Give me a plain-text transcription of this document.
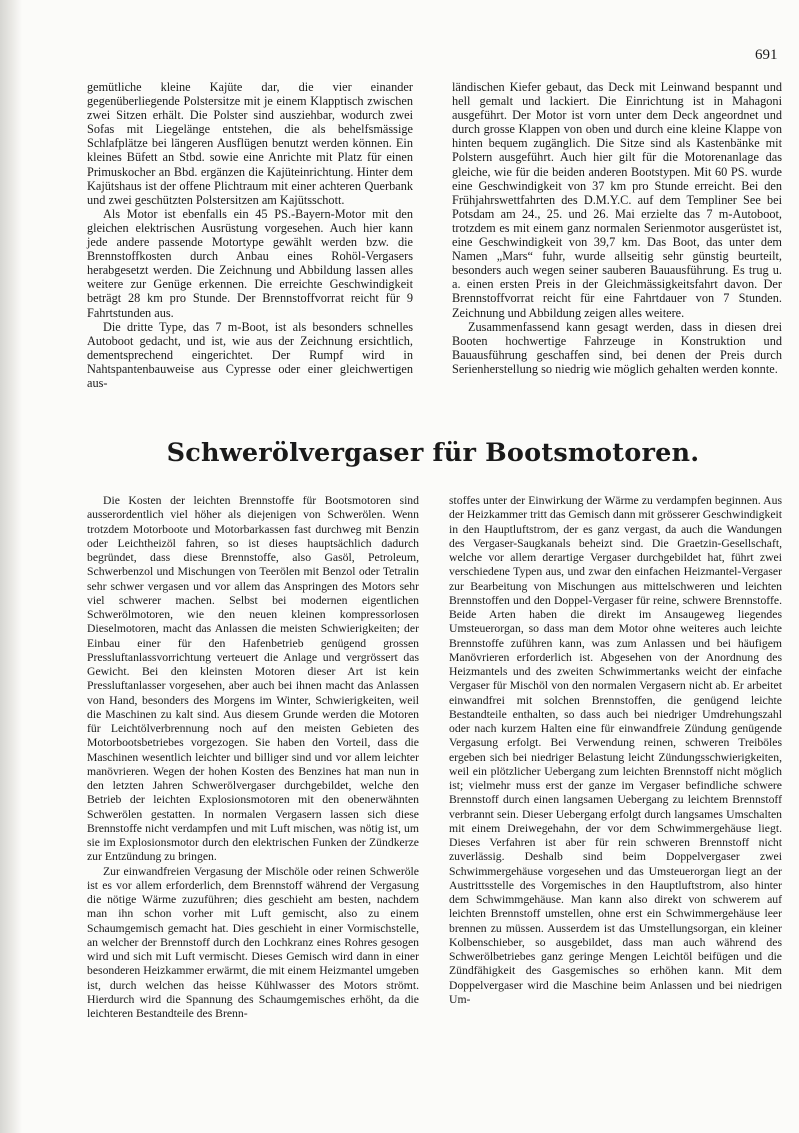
691

gemütliche kleine Kajüte dar, die vier einander gegenüberliegende Polstersitze mit je einem Klapptisch zwischen zwei Sitzen erhält. Die Polster sind ausziehbar, wodurch zwei Sofas mit Liegelänge entstehen, die als behelfsmässige Schlafplätze bei längeren Ausflügen benutzt werden können. Ein kleines Büfett an Stbd. sowie eine Anrichte mit Platz für einen Primuskocher an Bbd. ergänzen die Kajüteinrichtung. Hinter dem Kajütshaus ist der offene Plichtraum mit einer achteren Querbank und zwei geschützten Polstersitzen am Kajütsschott.

Als Motor ist ebenfalls ein 45 PS.-Bayern-Motor mit den gleichen elektrischen Ausrüstung vorgesehen. Auch hier kann jede andere passende Motortype gewählt werden bzw. die Brennstoffkosten durch Anbau eines Rohöl-Vergasers herabgesetzt werden. Die Zeichnung und Abbildung lassen alles weitere zur Genüge erkennen. Die erreichte Geschwindigkeit beträgt 28 km pro Stunde. Der Brennstoffvorrat reicht für 9 Fahrtstunden aus.

Die dritte Type, das 7 m-Boot, ist als besonders schnelles Autoboot gedacht, und ist, wie aus der Zeichnung ersichtlich, dementsprechend eingerichtet. Der Rumpf wird in Nahtspantenbauweise aus Cypresse oder einer gleichwertigen aus-

ländischen Kiefer gebaut, das Deck mit Leinwand bespannt und hell gemalt und lackiert. Die Einrichtung ist in Mahagoni ausgeführt. Der Motor ist vorn unter dem Deck angeordnet und durch grosse Klappen von oben und durch eine kleine Klappe von hinten bequem zugänglich. Die Sitze sind als Kastenbänke mit Polstern ausgeführt. Auch hier gilt für die Motorenanlage das gleiche, wie für die beiden anderen Bootstypen. Mit 60 PS. wurde eine Geschwindigkeit von 37 km pro Stunde erreicht. Bei den Frühjahrswettfahrten des D.M.Y.C. auf dem Templiner See bei Potsdam am 24., 25. und 26. Mai erzielte das 7 m-Autoboot, trotzdem es mit einem ganz normalen Serienmotor ausgerüstet ist, eine Geschwindigkeit von 39,7 km. Das Boot, das unter dem Namen „Mars“ fuhr, wurde allseitig sehr günstig beurteilt, besonders auch wegen seiner sauberen Bauausführung. Es trug u. a. einen ersten Preis in der Gleichmässigkeitsfahrt davon. Der Brennstoffvorrat reicht für eine Fahrtdauer von 7 Stunden. Zeichnung und Abbildung zeigen alles weitere.

Zusammenfassend kann gesagt werden, dass in diesen drei Booten hochwertige Fahrzeuge in Konstruktion und Bauausführung geschaffen sind, bei denen der Preis durch Serienherstellung so niedrig wie möglich gehalten werden konnte.

Schwerölvergaser für Bootsmotoren.

Die Kosten der leichten Brennstoffe für Bootsmotoren sind ausserordentlich viel höher als diejenigen von Schwerölen. Wenn trotzdem Motorboote und Motorbarkassen fast durchweg mit Benzin oder Leichtheizöl fahren, so ist dieses hauptsächlich dadurch begründet, dass diese Brennstoffe, also Gasöl, Petroleum, Schwerbenzol und Mischungen von Teerölen mit Benzol oder Tetralin sehr schwer vergasen und vor allem das Anspringen des Motors sehr viel schwerer machen. Selbst bei modernen eigentlichen Schwerölmotoren, wie den neuen kleinen kompressorlosen Dieselmotoren, macht das Anlassen die meisten Schwierigkeiten; der Einbau einer für den Hafenbetrieb genügend grossen Pressluftanlassvorrichtung verteuert die Anlage und vergrössert das Gewicht. Bei den kleinsten Motoren dieser Art ist kein Pressluftanlasser vorgesehen, aber auch bei ihnen macht das Anlassen von Hand, besonders des Morgens im Winter, Schwierigkeiten, weil die Maschinen zu kalt sind. Aus diesem Grunde werden die Motoren für Leichtölverbrennung noch auf den meisten Gebieten des Motorbootsbetriebes vorgezogen. Sie haben den Vorteil, dass die Maschinen wesentlich leichter und billiger sind und vor allem leichter manövrieren. Wegen der hohen Kosten des Benzines hat man nun in den letzten Jahren Schwerölvergaser durchgebildet, welche den Betrieb der leichten Explosionsmotoren mit den obenerwähnten Schwerölen gestatten. In normalen Vergasern lassen sich diese Brennstoffe nicht verdampfen und mit Luft mischen, was nötig ist, um sie im Explosionsmotor durch den elektrischen Funken der Zündkerze zur Entzündung zu bringen.

Zur einwandfreien Vergasung der Mischöle oder reinen Schweröle ist es vor allem erforderlich, dem Brennstoff während der Vergasung die nötige Wärme zuzuführen; dies geschieht am besten, nachdem man ihn schon vorher mit Luft gemischt, also zu einem Schaumgemisch gemacht hat. Dies geschieht in einer Vormischstelle, an welcher der Brennstoff durch den Lochkranz eines Rohres gesogen wird und sich mit Luft vermischt. Dieses Gemisch wird dann in einer besonderen Heizkammer erwärmt, die mit einem Heizmantel umgeben ist, durch welchen das heisse Kühlwasser des Motors strömt. Hierdurch wird die Spannung des Schaumgemisches erhöht, da die leichteren Bestandteile des Brenn-

stoffes unter der Einwirkung der Wärme zu verdampfen beginnen. Aus der Heizkammer tritt das Gemisch dann mit grösserer Geschwindigkeit in den Hauptluftstrom, der es ganz vergast, da auch die Wandungen des Vergaser-Saugkanals beheizt sind. Die Graetzin-Gesellschaft, welche vor allem derartige Vergaser durchgebildet hat, führt zwei verschiedene Typen aus, und zwar den einfachen Heizmantel-Vergaser zur Bearbeitung von Mischungen aus mittelschweren und leichten Brennstoffen und den Doppel-Vergaser für reine, schwere Brennstoffe. Beide Arten haben die direkt im Ansaugeweg liegendes Umsteuerorgan, so dass man dem Motor ohne weiteres auch leichte Brennstoffe zuführen kann, was zum Anlassen und bei häufigem Manövrieren erforderlich ist. Abgesehen von der Anordnung des Heizmantels und des zweiten Schwimmertanks weicht der einfache Vergaser für Mischöl von den normalen Vergasern nicht ab. Er arbeitet einwandfrei mit solchen Brennstoffen, die genügend leichte Bestandteile enthalten, so dass auch bei niedriger Umdrehungszahl oder nach kurzem Halten eine für einwandfreie Zündung genügende Vergasung erfolgt. Bei Verwendung reinen, schweren Treiböles ergeben sich bei niedriger Belastung leicht Zündungsschwierigkeiten, weil ein plötzlicher Uebergang zum leichten Brennstoff nicht möglich ist; vielmehr muss erst der ganze im Vergaser befindliche schwere Brennstoff durch einen langsamen Uebergang zu leichtem Brennstoff verbrannt sein. Dieser Uebergang erfolgt durch langsames Umschalten mit einem Dreiwegehahn, der vor dem Schwimmergehäuse liegt. Dieses Verfahren ist aber für rein schweren Brennstoff nicht zuverlässig. Deshalb sind beim Doppelvergaser zwei Schwimmergehäuse vorgesehen und das Umsteuerorgan liegt an der Austrittsstelle des Vorgemisches in den Hauptluftstrom, also hinter dem Schwimmgehäuse. Man kann also direkt von schwerem auf leichten Brennstoff umstellen, ohne erst ein Schwimmergehäuse leer brennen zu müssen. Ausserdem ist das Umstellungsorgan, ein kleiner Kolbenschieber, so ausgebildet, dass man auch während des Schwerölbetriebes ganz geringe Mengen Leichtöl beifügen und die Zündfähigkeit des Gasgemisches so erhöhen kann. Mit dem Doppelvergaser wird die Maschine beim Anlassen und bei niedrigen Um-
